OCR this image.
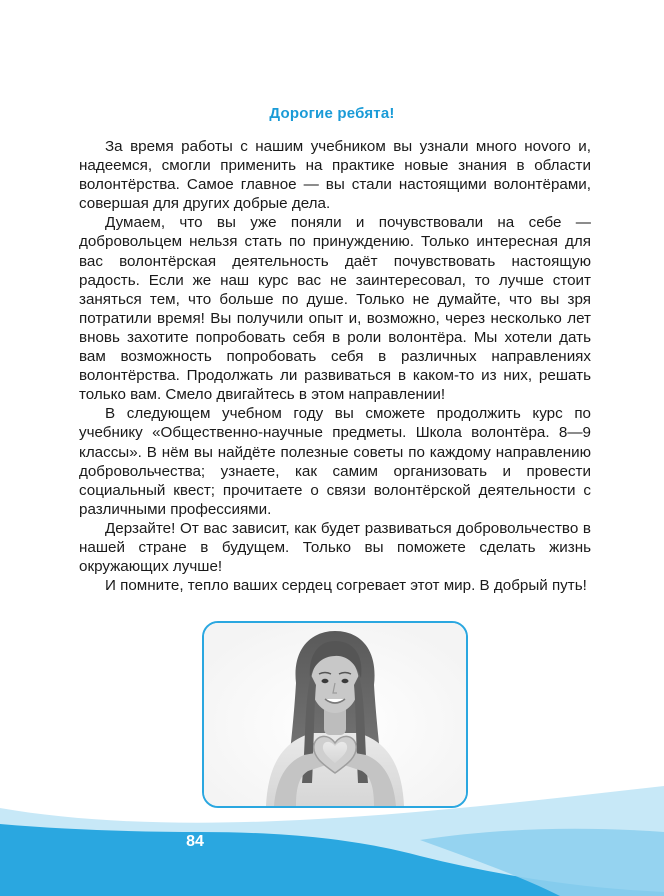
Дорогие ребята!

За время работы с нашим учебником вы узнали много ноvого и, надеемся, смогли применить на практике новые знания в области волонтёрства. Самое главное — вы стали настоящими волонтёрами, совершая для других добрые дела.

Думаем, что вы уже поняли и почувствовали на себе — добровольцем нельзя стать по принуждению. Только интересная для вас волонтёрская деятельность даёт почувствовать настоящую радость. Если же наш курс вас не заинтересовал, то лучше стоит заняться тем, что больше по душе. Только не думайте, что вы зря потратили время! Вы получили опыт и, возможно, через несколько лет вновь захотите попробовать себя в роли волонтёра. Мы хотели дать вам возможность попробовать себя в различных направлениях волонтёрства. Продолжать ли развиваться в каком-то из них, решать только вам. Смело двигайтесь в этом направлении!

В следующем учебном году вы сможете продолжить курс по учебнику «Общественно-научные предметы. Школа волонтёра. 8—9 классы». В нём вы найдёте полезные советы по каждому направлению добровольчества; узнаете, как самим организовать и провести социальный квест; прочитаете о связи волонтёрской деятельности с различными профессиями.

Дерзайте! От вас зависит, как будет развиваться добровольчество в нашей стране в будущем. Только вы поможете сделать жизнь окружающих лучше!

И помните, тепло ваших сердец согревает этот мир. В добрый путь!

84
